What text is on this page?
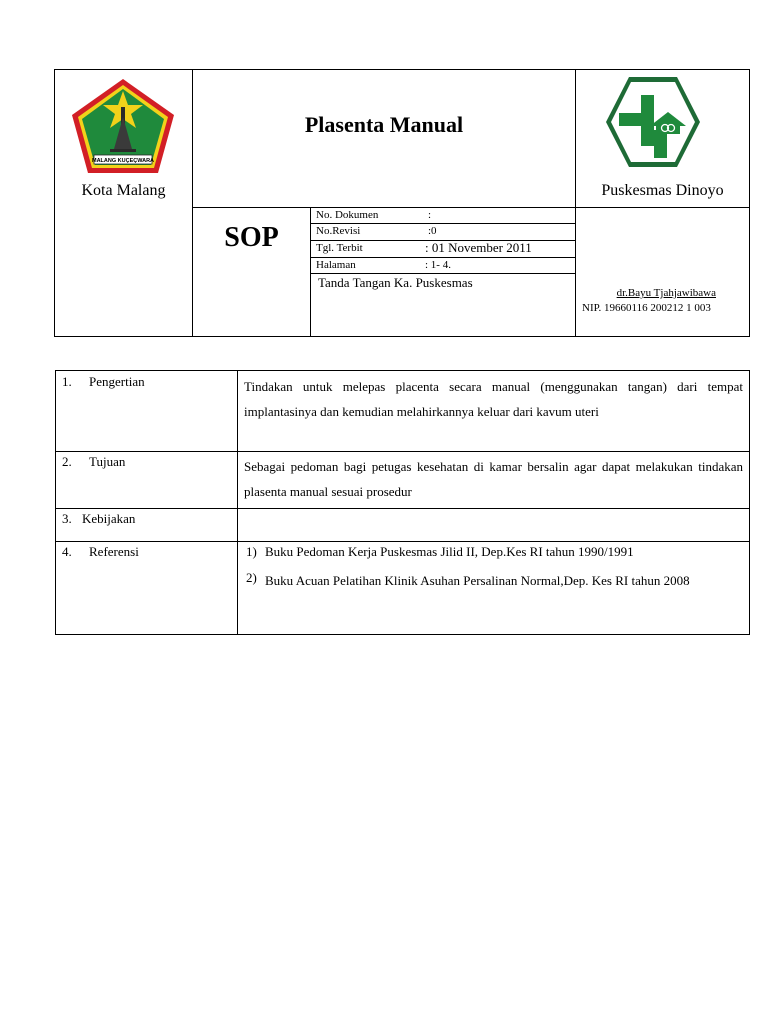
MALANG KUÇEÇWARA
Kota Malang
Plasenta Manual
Puskesmas Dinoyo
SOP
No. Dokumen	:
No.Revisi	:0
Tgl. Terbit	: 01 November 2011
Halaman	: 1- 4.
Tanda Tangan Ka. Puskesmas
dr.Bayu Tjahjawibawa
NIP. 19660116 200212 1 003
1. Pengertian	Tindakan untuk melepas placenta secara manual (menggunakan tangan) dari tempat implantasinya dan kemudian melahirkannya keluar dari kavum uteri
2. Tujuan	Sebagai pedoman bagi petugas kesehatan di kamar bersalin agar dapat melakukan tindakan plasenta manual sesuai prosedur
3. Kebijakan
4. Referensi	1) Buku Pedoman Kerja Puskesmas Jilid II, Dep.Kes RI tahun 1990/1991
2) Buku Acuan Pelatihan Klinik Asuhan Persalinan Normal,Dep. Kes RI tahun 2008
